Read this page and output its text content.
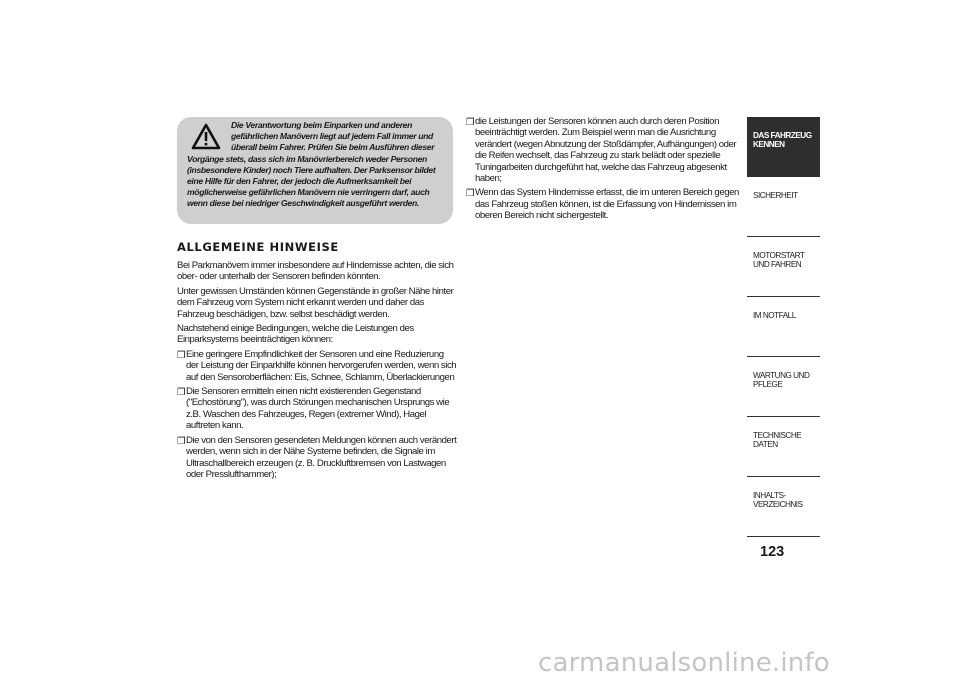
Die Verantwortung beim Einparken und anderen gefährlichen Manövern liegt auf jedem Fall immer und überall beim Fahrer. Prüfen Sie beim Ausführen dieser Vorgänge stets, dass sich im Manövrierbereich weder Personen (insbesondere Kinder) noch Tiere aufhalten. Der Parksensor bildet eine Hilfe für den Fahrer, der jedoch die Aufmerksamkeit bei möglicherweise gefährlichen Manövern nie verringern darf, auch wenn diese bei niedriger Geschwindigkeit ausgeführt werden.

ALLGEMEINE HINWEISE

Bei Parkmanövern immer insbesondere auf Hindernisse achten, die sich ober- oder unterhalb der Sensoren befinden könnten.

Unter gewissen Umständen können Gegenstände in großer Nähe hinter dem Fahrzeug vom System nicht erkannt werden und daher das Fahrzeug beschädigen, bzw. selbst beschädigt werden.

Nachstehend einige Bedingungen, welche die Leistungen des Einparksystems beeinträchtigen können:

❒ Eine geringere Empfindlichkeit der Sensoren und eine Reduzierung der Leistung der Einparkhilfe können hervorgerufen werden, wenn sich auf den Sensoroberflächen: Eis, Schnee, Schlamm, Überlackierungen
❒ Die Sensoren ermitteln einen nicht existierenden Gegenstand ("Echostörung"), was durch Störungen mechanischen Ursprungs wie z.B. Waschen des Fahrzeuges, Regen (extremer Wind), Hagel auftreten kann.
❒ Die von den Sensoren gesendeten Meldungen können auch verändert werden, wenn sich in der Nähe Systeme befinden, die Signale im Ultraschallbereich erzeugen (z. B. Druckluftbremsen von Lastwagen oder Presslufthammer);
❒ die Leistungen der Sensoren können auch durch deren Position beeinträchtigt werden. Zum Beispiel wenn man die Ausrichtung verändert (wegen Abnutzung der Stoßdämpfer, Aufhängungen) oder die Reifen wechselt, das Fahrzeug zu stark belädt oder spezielle Tuningarbeiten durchgeführt hat, welche das Fahrzeug abgesenkt haben;
❒ Wenn das System Hindernisse erfasst, die im unteren Bereich gegen das Fahrzeug stoßen können, ist die Erfassung von Hindernissen im oberen Bereich nicht sichergestellt.
DAS FAHRZEUG KENNEN
SICHERHEIT
MOTORSTART UND FAHREN
IM NOTFALL
WARTUNG UND PFLEGE
TECHNISCHE DATEN
INHALTS-VERZEICHNIS
123
carmanualsonline.info
